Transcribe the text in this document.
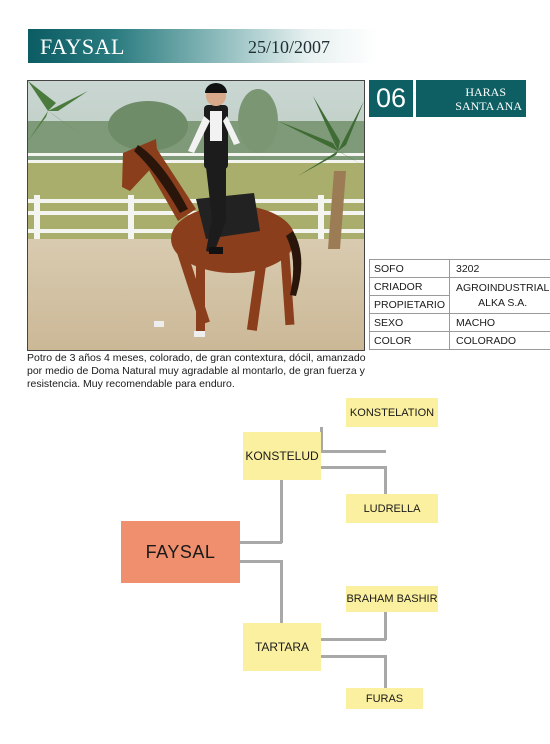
FAYSAL	25/10/2007
06	HARAS
SANTA ANA
SOFO	3202
CRIADOR	AGROINDUSTRIAL
ALKA S.A.

PROPIETARIO	
SEXO	MACHO
COLOR	COLORADO
Potro de 3 años 4 meses, colorado, de gran contextura, dócil, amanzado por medio de Doma Natural muy agradable al montarlo, de gran fuerza y resistencia. Muy recomendable para enduro.
KONSTELATION
KONSTELUD
LUDRELLA
FAYSAL
BRAHAM BASHIR
TARTARA
FURAS
